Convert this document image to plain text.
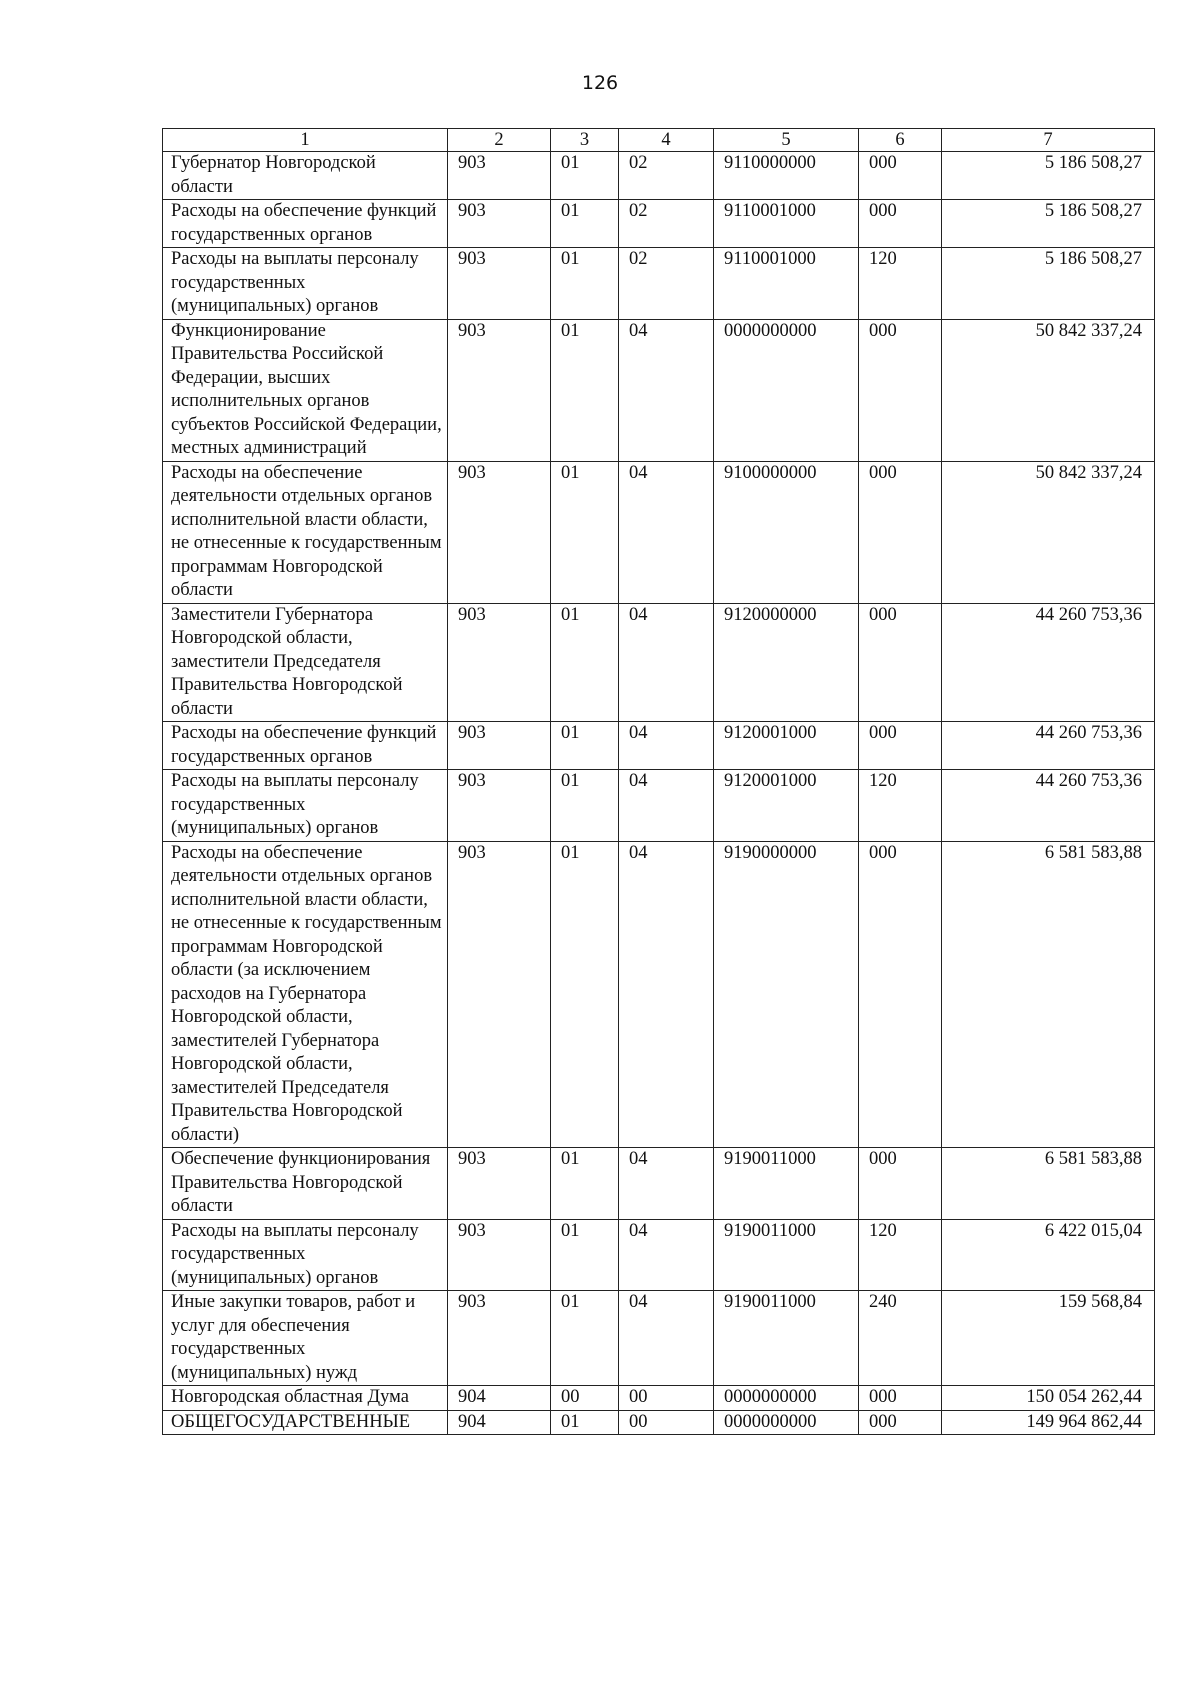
126
1	2	3	4	5	6	7
Губернатор Новгородской области	903	01	02	9110000000	000	5 186 508,27
Расходы на обеспечение функций государственных органов	903	01	02	9110001000	000	5 186 508,27
Расходы на выплаты персоналу государственных (муниципальных) органов	903	01	02	9110001000	120	5 186 508,27
Функционирование Правительства Российской Федерации, высших исполнительных органов субъектов Российской Федерации, местных администраций	903	01	04	0000000000	000	50 842 337,24
Расходы на обеспечение деятельности отдельных органов исполнительной власти области, не отнесенные к государственным программам Новгородской области	903	01	04	9100000000	000	50 842 337,24
Заместители Губернатора Новгородской области, заместители Председателя Правительства Новгородской области	903	01	04	9120000000	000	44 260 753,36
Расходы на обеспечение функций государственных органов	903	01	04	9120001000	000	44 260 753,36
Расходы на выплаты персоналу государственных (муниципальных) органов	903	01	04	9120001000	120	44 260 753,36
Расходы на обеспечение деятельности отдельных органов исполнительной власти области, не отнесенные к государственным программам Новгородской области (за исключением расходов на Губернатора Новгородской области, заместителей Губернатора Новгородской области, заместителей Председателя Правительства Новгородской области)	903	01	04	9190000000	000	6 581 583,88
Обеспечение функционирования Правительства Новгородской области	903	01	04	9190011000	000	6 581 583,88
Расходы на выплаты персоналу государственных (муниципальных) органов	903	01	04	9190011000	120	6 422 015,04
Иные закупки товаров, работ и услуг для обеспечения государственных (муниципальных) нужд	903	01	04	9190011000	240	159 568,84
Новгородская областная Дума	904	00	00	0000000000	000	150 054 262,44
ОБЩЕГОСУДАРСТВЕННЫЕ	904	01	00	0000000000	000	149 964 862,44
